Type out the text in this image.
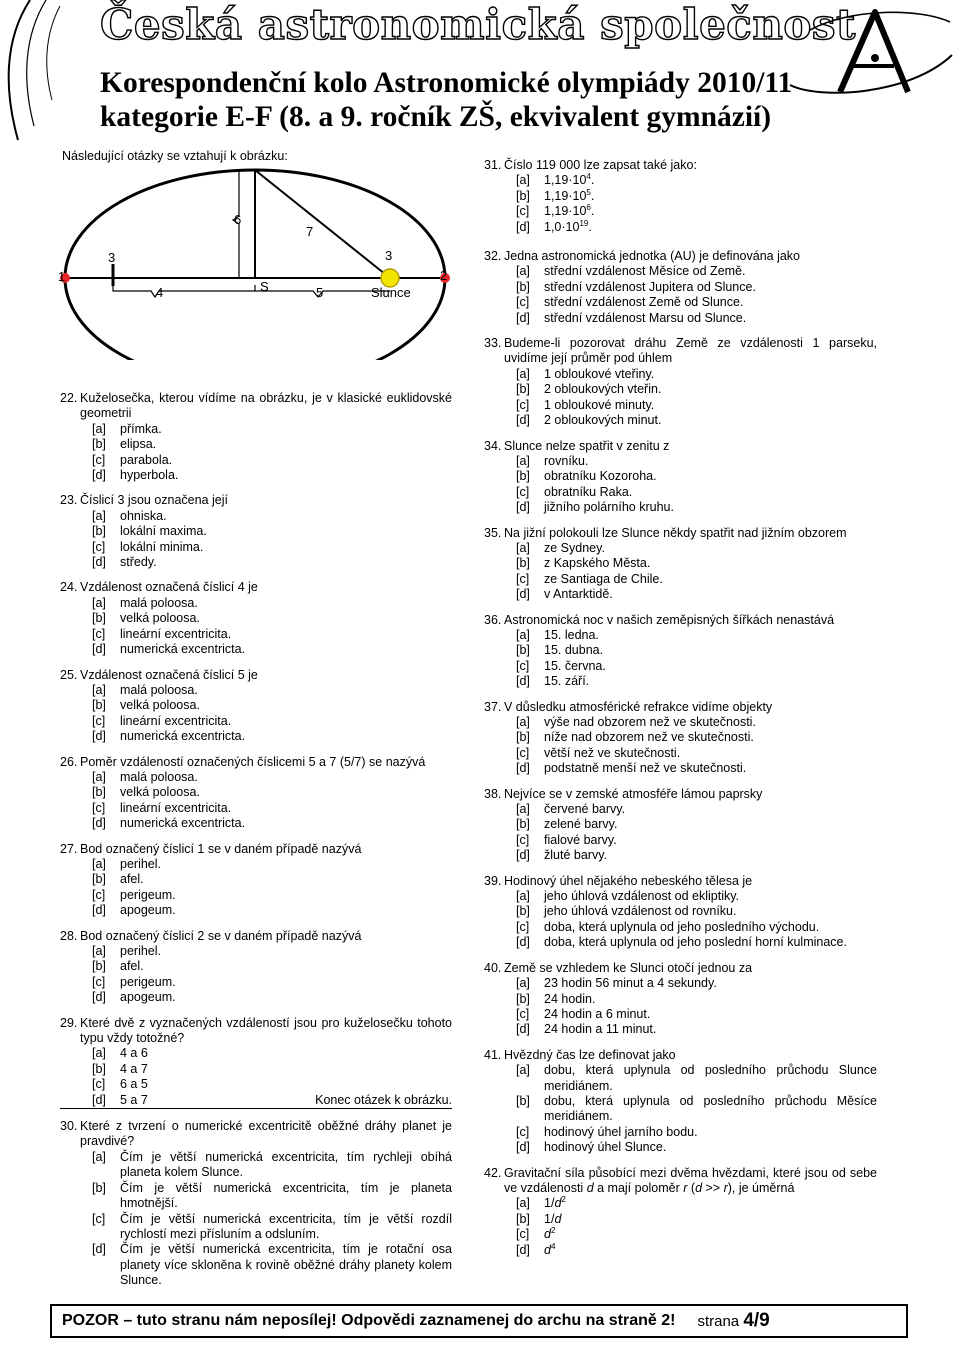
Česká astronomická společnost
Korespondenční kolo Astronomické olympiády 2010/11
kategorie E-F (8. a 9. ročník ZŠ, ekvivalent gymnázií)
Následující otázky se vztahují k obrázku:
1
3
6
7
3
2
4	S	5	Slunce
22. Kuželosečka, kterou vídíme na obrázku, je v klasické euklidovské geometrii
[a]	přímka.
[b]	elipsa.
[c]	parabola.
[d]	hyperbola.
23. Číslicí 3 jsou označena její
[a]	ohniska.
[b]	lokální maxima.
[c]	lokální minima.
[d]	středy.
24. Vzdálenost označená číslicí 4 je
[a]	malá poloosa.
[b]	velká poloosa.
[c]	lineární excentricita.
[d]	numerická excentricta.
25. Vzdálenost označená číslicí 5 je
[a]	malá poloosa.
[b]	velká poloosa.
[c]	lineární excentricita.
[d]	numerická excentricta.
26. Poměr vzdáleností označených číslicemi 5 a 7 (5/7) se nazývá
[a]	malá poloosa.
[b]	velká poloosa.
[c]	lineární excentricita.
[d]	numerická excentricta.
27. Bod označený číslicí 1 se v daném případě nazývá
[a]	perihel.
[b]	afel.
[c]	perigeum.
[d]	apogeum.
28. Bod označený číslicí 2 se v daném případě nazývá
[a]	perihel.
[b]	afel.
[c]	perigeum.
[d]	apogeum.
29. Které dvě z vyznačených vzdáleností jsou pro kuželosečku tohoto typu vždy totožné?
[a]	4 a 6
[b]	4 a 7
[c]	6 a 5
[d]	5 a 7	Konec otázek k obrázku.
30. Které z tvrzení o numerické excentricitě oběžné dráhy planet je pravdivé?
[a]	Čím je větší numerická excentricita, tím rychleji obíhá planeta kolem Slunce.
[b]	Čím je větší numerická excentricita, tím je planeta hmotnější.
[c]	Čím je větší numerická excentricita, tím je větší rozdíl rychlostí mezi přísluním a odsluním.
[d]	Čím je větší numerická excentricita, tím je rotační osa planety více skloněna k rovině oběžné dráhy planety kolem Slunce.
31. Číslo 119 000 lze zapsat také jako:
[a]	$1,19\cdot 10^4$.
[b]	$1,19\cdot 10^5$.
[c]	$1,19\cdot 10^6$.
[d]	$1,0\cdot 10^{19}$.
32. Jedna astronomická jednotka (AU) je definována jako
[a]	střední vzdálenost Měsíce od Země.
[b]	střední vzdálenost Jupitera od Slunce.
[c]	střední vzdálenost Země od Slunce.
[d]	střední vzdálenost Marsu od Slunce.
33. Budeme-li pozorovat dráhu Země ze vzdálenosti 1 parseku, uvidíme její průměr pod úhlem
[a]	1 obloukové vteřiny.
[b]	2 obloukových vteřin.
[c]	1 obloukové minuty.
[d]	2 obloukových minut.
34. Slunce nelze spatřit v zenitu z
[a]	rovníku.
[b]	obratníku Kozoroha.
[c]	obratníku Raka.
[d]	jižního polárního kruhu.
35. Na jižní polokouli lze Slunce někdy spatřit nad jižním obzorem
[a]	ze Sydney.
[b]	z Kapského Města.
[c]	ze Santiaga de Chile.
[d]	v Antarktidě.
36. Astronomická noc v našich zeměpisných šířkách nenastává
[a]	15. ledna.
[b]	15. dubna.
[c]	15. června.
[d]	15. září.
37. V důsledku atmosférické refrakce vidíme objekty
[a]	výše nad obzorem než ve skutečnosti.
[b]	níže nad obzorem než ve skutečnosti.
[c]	větší než ve skutečnosti.
[d]	podstatně menší než ve skutečnosti.
38. Nejvíce se v zemské atmosféře lámou paprsky
[a]	červené barvy.
[b]	zelené barvy.
[c]	fialové barvy.
[d]	žluté barvy.
39. Hodinový úhel nějakého nebeského tělesa je
[a]	jeho úhlová vzdálenost od ekliptiky.
[b]	jeho úhlová vzdálenost od rovníku.
[c]	doba, která uplynula od jeho posledního východu.
[d]	doba, která uplynula od jeho poslední horní kulminace.
40. Země se vzhledem ke Slunci otočí jednou za
[a]	23 hodin 56 minut a 4 sekundy.
[b]	24 hodin.
[c]	24 hodin a 6 minut.
[d]	24 hodin a 11 minut.
41. Hvězdný čas lze definovat jako
[a]	dobu, která uplynula od posledního průchodu Slunce meridiánem.
[b]	dobu, která uplynula od posledního průchodu Měsíce meridiánem.
[c]	hodinový úhel jarního bodu.
[d]	hodinový úhel Slunce.
42. Gravitační síla působící mezi dvěma hvězdami, které jsou od sebe ve vzdálenosti d a mají poloměr r (d >> r), je úměrná
[a]	$1/d^2$
[b]	1/d
[c]	$d^2$
[d]	$d^4$
POZOR – tuto stranu nám neposílej! Odpovědi zaznamenej do archu na straně 2! strana 4/9
